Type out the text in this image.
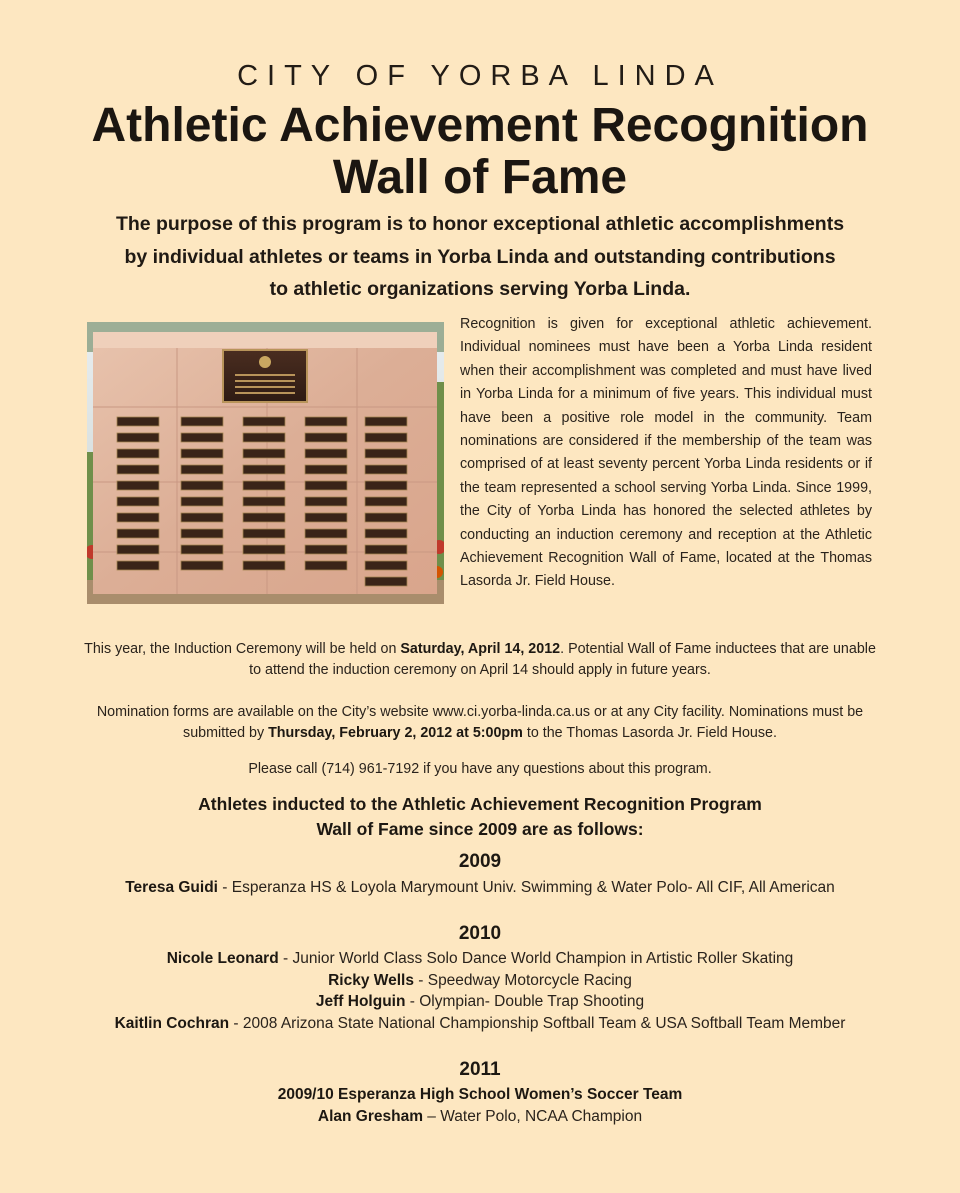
CITY OF YORBA LINDA
Athletic Achievement Recognition
Wall of Fame
The purpose of this program is to honor exceptional athletic accomplishments
by individual athletes or teams in Yorba Linda and outstanding contributions
to athletic organizations serving Yorba Linda.

Recognition is given for exceptional athletic achievement. Individual nominees must have been a Yorba Linda resident when their accomplishment was completed and must have lived in Yorba Linda for a minimum of five years. This individual must have been a positive role model in the community. Team nominations are considered if the membership of the team was comprised of at least seventy percent Yorba Linda residents or if the team represented a school serving Yorba Linda. Since 1999, the City of Yorba Linda has honored the selected athletes by conducting an induction ceremony and reception at the Athletic Achievement Recognition Wall of Fame, located at the Thomas Lasorda Jr. Field House.

This year, the Induction Ceremony will be held on Saturday, April 14, 2012. Potential Wall of Fame inductees that are unable to attend the induction ceremony on April 14 should apply in future years.
Nomination forms are available on the City’s website www.ci.yorba-linda.ca.us or at any City facility. Nominations must be submitted by Thursday, February 2, 2012 at 5:00pm to the Thomas Lasorda Jr. Field House.
Please call (714) 961-7192 if you have any questions about this program.
Athletes inducted to the Athletic Achievement Recognition Program
Wall of Fame since 2009 are as follows:
2009
Teresa Guidi - Esperanza HS & Loyola Marymount Univ. Swimming & Water Polo- All CIF, All American
2010
Nicole Leonard - Junior World Class Solo Dance World Champion in Artistic Roller Skating
Ricky Wells - Speedway Motorcycle Racing
Jeff Holguin - Olympian- Double Trap Shooting
Kaitlin Cochran - 2008 Arizona State National Championship Softball Team & USA Softball Team Member
2011
2009/10 Esperanza High School Women’s Soccer Team
Alan Gresham – Water Polo, NCAA Champion
